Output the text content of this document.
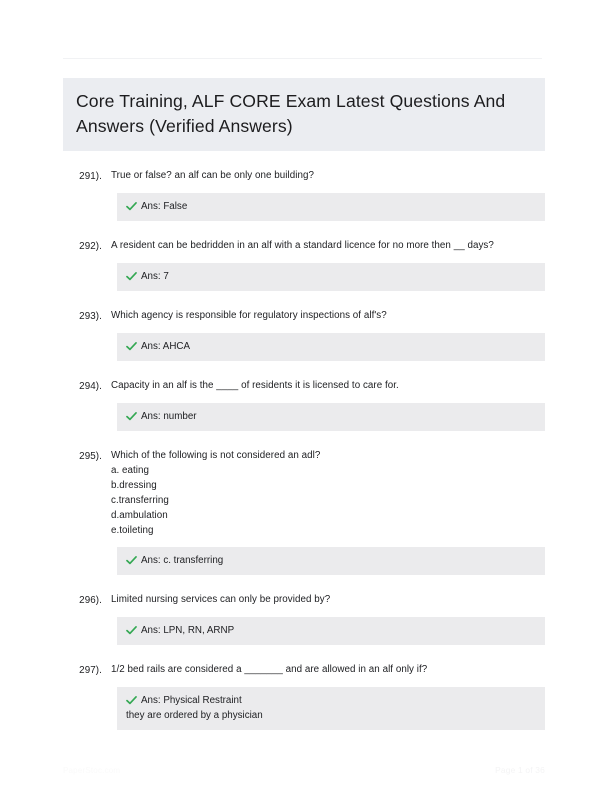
Core Training, ALF CORE Exam Latest Questions And Answers (Verified Answers)
291). True or false? an alf can be only one building?
Ans: False
292). A resident can be bedridden in an alf with a standard licence for no more then __ days?
Ans: 7
293). Which agency is responsible for regulatory inspections of alf's?
Ans: AHCA
294). Capacity in an alf is the ____ of residents it is licensed to care for.
Ans: number
295). Which of the following is not considered an adl?
a. eating
b.dressing
c.transferring
d.ambulation
e.toileting
Ans: c. transferring
296). Limited nursing services can only be provided by?
Ans: LPN, RN, ARNP
297). 1/2 bed rails are considered a _______ and are allowed in an alf only if?
Ans: Physical Restraint
they are ordered by a physician
PaperStoc.com	Page 1 of 36
